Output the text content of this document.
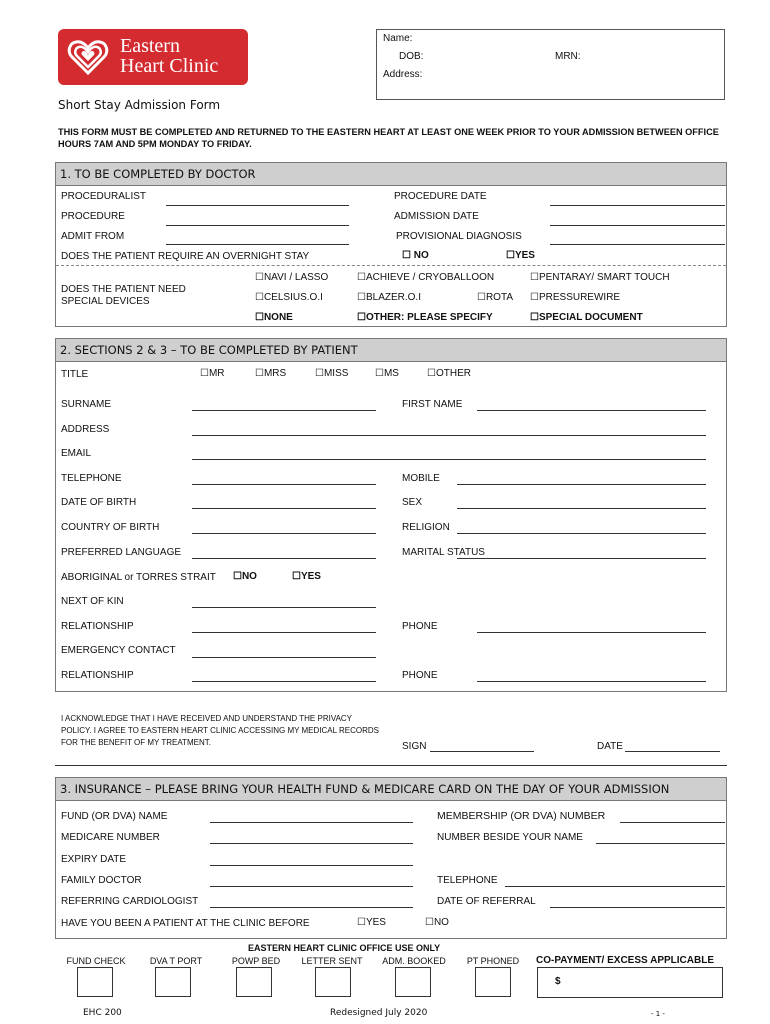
Eastern
Heart Clinic
Name:
DOB:	MRN:
Address:
Short Stay Admission Form
THIS FORM MUST BE COMPLETED AND RETURNED TO THE EASTERN HEART AT LEAST ONE WEEK PRIOR TO YOUR ADMISSION BETWEEN OFFICE HOURS 7AM AND 5PM MONDAY TO FRIDAY.
1. TO BE COMPLETED BY DOCTOR
PROCEDURALIST	PROCEDURE DATE
PROCEDURE	ADMISSION DATE
ADMIT FROM	PROVISIONAL DIAGNOSIS
DOES THE PATIENT REQUIRE AN OVERNIGHT STAY	☐ NO	☐YES
DOES THE PATIENT NEED SPECIAL DEVICES
☐NAVI / LASSO	☐ACHIEVE / CRYOBALLOON	☐PENTARAY/ SMART TOUCH
☐CELSIUS.O.I	☐BLAZER.O.I	☐ROTA ☐PRESSUREWIRE
☐NONE	☐OTHER: PLEASE SPECIFY	☐SPECIAL DOCUMENT
2. SECTIONS 2 & 3 – TO BE COMPLETED BY PATIENT
TITLE	☐MR	☐MRS	☐MISS	☐MS	☐OTHER
SURNAME	FIRST NAME
ADDRESS
EMAIL
TELEPHONE	MOBILE
DATE OF BIRTH	SEX
COUNTRY OF BIRTH	RELIGION
PREFERRED LANGUAGE	MARITAL STATUS
ABORIGINAL or TORRES STRAIT ☐NO	☐YES
NEXT OF KIN
RELATIONSHIP	PHONE
EMERGENCY CONTACT
RELATIONSHIP	PHONE
I ACKNOWLEDGE THAT I HAVE RECEIVED AND UNDERSTAND THE PRIVACY POLICY. I AGREE TO EASTERN HEART CLINIC ACCESSING MY MEDICAL RECORDS FOR THE BENEFIT OF MY TREATMENT.	SIGN	DATE
3. INSURANCE – PLEASE BRING YOUR HEALTH FUND & MEDICARE CARD ON THE DAY OF YOUR ADMISSION
FUND (OR DVA) NAME	MEMBERSHIP (OR DVA) NUMBER
MEDICARE NUMBER	NUMBER BESIDE YOUR NAME
EXPIRY DATE
FAMILY DOCTOR	TELEPHONE
REFERRING CARDIOLOGIST	DATE OF REFERRAL
HAVE YOU BEEN A PATIENT AT THE CLINIC BEFORE	☐YES	☐NO
EASTERN HEART CLINIC OFFICE USE ONLY
FUND CHECK	DVA T PORT	POWP BED	LETTER SENT	ADM. BOOKED	PT PHONED	CO-PAYMENT/ EXCESS APPLICABLE
$
EHC 200	Redesigned July 2020	- 1 -
